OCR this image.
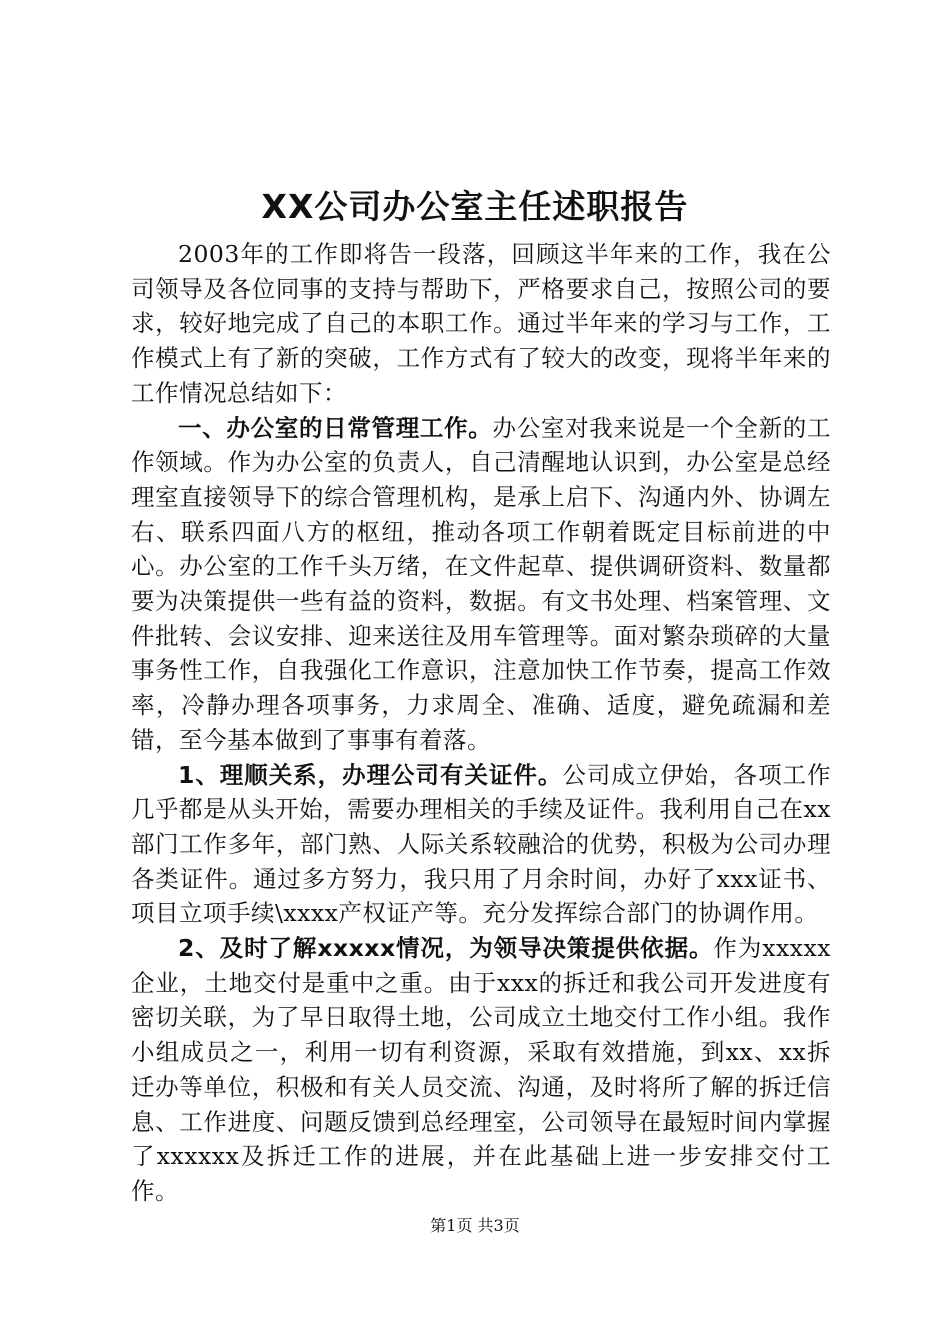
XX公司办公室主任述职报告

2003年的工作即将告一段落，回顾这半年来的工作，我在公司领导及各位同事的支持与帮助下，严格要求自己，按照公司的要求，较好地完成了自己的本职工作。通过半年来的学习与工作，工作模式上有了新的突破，工作方式有了较大的改变，现将半年来的工作情况总结如下：

一、办公室的日常管理工作。办公室对我来说是一个全新的工作领域。作为办公室的负责人，自己清醒地认识到，办公室是总经理室直接领导下的综合管理机构，是承上启下、沟通内外、协调左右、联系四面八方的枢纽，推动各项工作朝着既定目标前进的中心。办公室的工作千头万绪，在文件起草、提供调研资料、数量都要为决策提供一些有益的资料，数据。有文书处理、档案管理、文件批转、会议安排、迎来送往及用车管理等。面对繁杂琐碎的大量事务性工作，自我强化工作意识，注意加快工作节奏，提高工作效率，冷静办理各项事务，力求周全、准确、适度，避免疏漏和差错，至今基本做到了事事有着落。

1、理顺关系，办理公司有关证件。公司成立伊始，各项工作几乎都是从头开始，需要办理相关的手续及证件。我利用自己在xx部门工作多年，部门熟、人际关系较融洽的优势，积极为公司办理各类证件。通过多方努力，我只用了月余时间，办好了xxx证书、项目立项手续\xxxx产权证产等。充分发挥综合部门的协调作用。

2、及时了解xxxxx情况，为领导决策提供依据。作为xxxxx企业，土地交付是重中之重。由于xxx的拆迁和我公司开发进度有密切关联，为了早日取得土地，公司成立土地交付工作小组。我作小组成员之一，利用一切有利资源，采取有效措施，到xx、xx拆迁办等单位，积极和有关人员交流、沟通，及时将所了解的拆迁信息、工作进度、问题反馈到总经理室，公司领导在最短时间内掌握了xxxxxx及拆迁工作的进展，并在此基础上进一步安排交付工作。

第1页 共3页
